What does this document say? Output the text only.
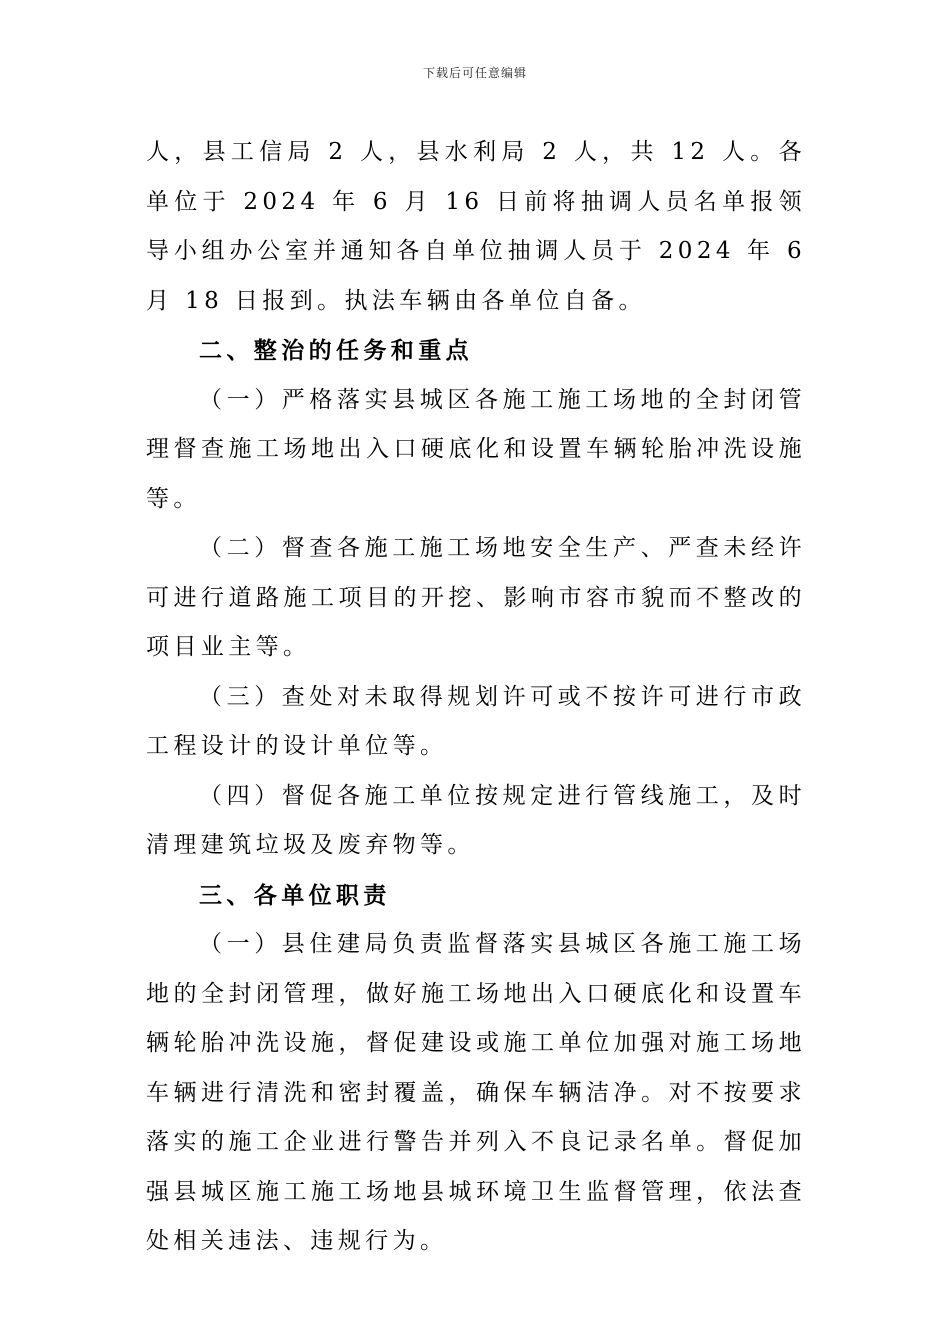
下载后可任意编辑

人，县工信局 2 人，县水利局 2 人，共 12 人。各单位于 2024 年 6 月 16 日前将抽调人员名单报领导小组办公室并通知各自单位抽调人员于 2024 年 6 月 18 日报到。执法车辆由各单位自备。

二、整治的任务和重点

（一）严格落实县城区各施工施工场地的全封闭管理督查施工场地出入口硬底化和设置车辆轮胎冲洗设施等。

（二）督查各施工施工场地安全生产、严查未经许可进行道路施工项目的开挖、影响市容市貌而不整改的项目业主等。

（三）查处对未取得规划许可或不按许可进行市政工程设计的设计单位等。

（四）督促各施工单位按规定进行管线施工，及时清理建筑垃圾及废弃物等。

三、各单位职责

（一）县住建局负责监督落实县城区各施工施工场地的全封闭管理，做好施工场地出入口硬底化和设置车辆轮胎冲洗设施，督促建设或施工单位加强对施工场地车辆进行清洗和密封覆盖，确保车辆洁净。对不按要求落实的施工企业进行警告并列入不良记录名单。督促加强县城区施工施工场地县城环境卫生监督管理，依法查处相关违法、违规行为。
